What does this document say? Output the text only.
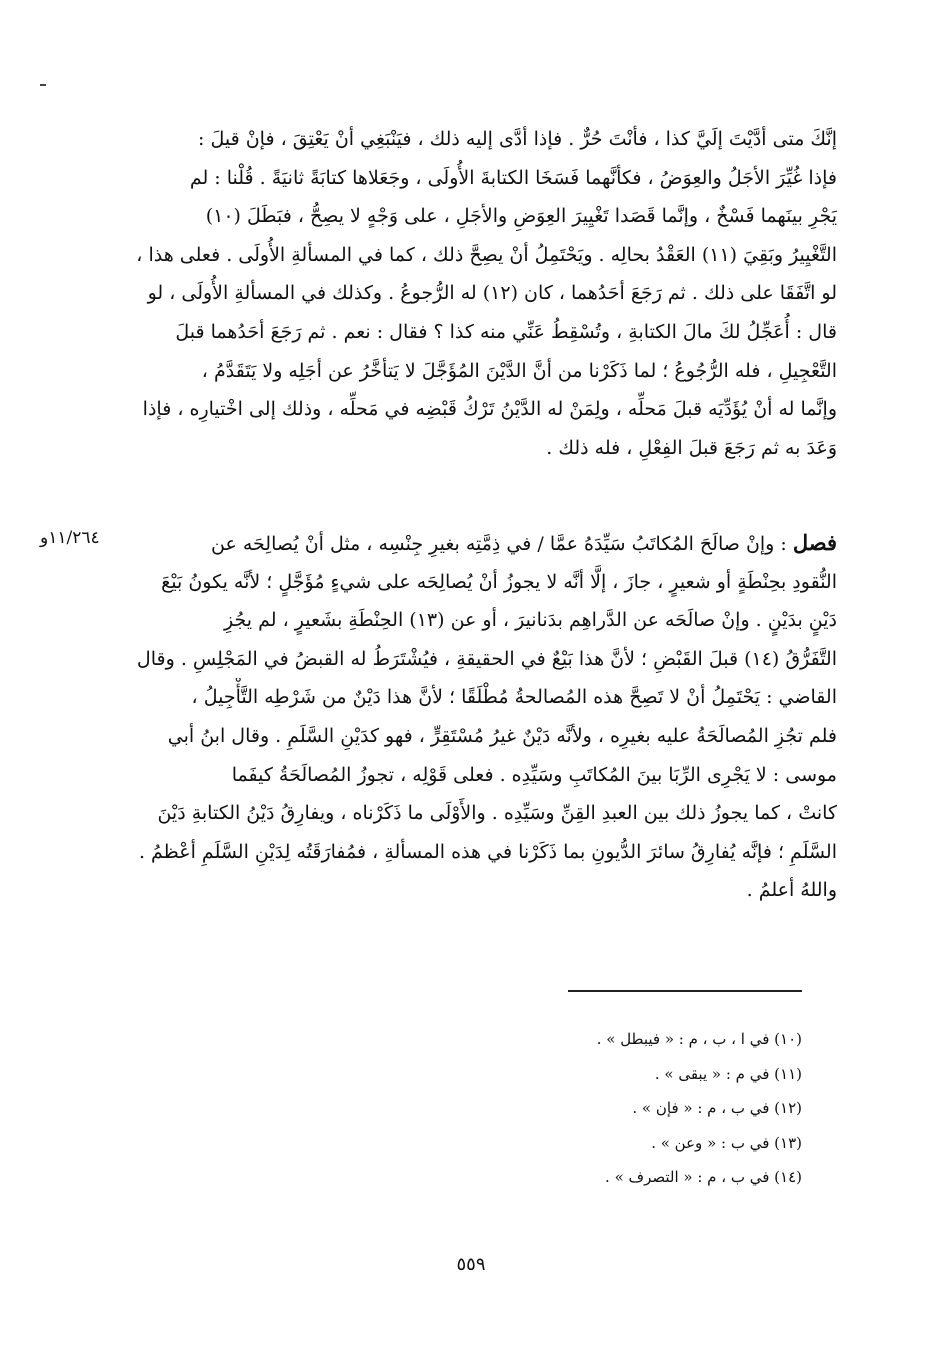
إنَّكَ متى أدَّيْتَ إلَيَّ كذا ، فأنْتَ حُرٌّ . فإذا أدَّى إليه ذلك ، فيَنْبَغِي أنْ يَعْتِقَ ، فإنْ قيلَ :
فإذا غُيِّرَ الأجَلُ والعِوَضُ ، فكأنَّهما فَسَخَا الكتابةَ الأُولَى ، وجَعَلاها كتابَةً ثانيَةً . قُلْنا : لم
يَجْرِ بينَهما فَسْخٌ ، وإنَّما قَصَدا تَغْيِيرَ العِوَضِ والأجَلِ ، على وَجْهٍ لا يصِحُّ ، فبَطَلَ (١٠)
التَّغْيِيرُ وبَقِيَ (١١) العَقْدُ بحالِه . ويَحْتَمِلُ أنْ يصِحَّ ذلك ، كما في المسألةِ الأُولَى . فعلى هذا ،
لو اتَّفَقَا على ذلك . ثم رَجَعَ أحَدُهما ، كان (١٢) له الرُّجوعُ . وكذلك في المسألةِ الأُولَى ، لو
قال : أُعَجِّلُ لكَ مالَ الكتابةِ ، وتُسْقِطُ عَنِّي منه كذا ؟ فقال : نعم . ثم رَجَعَ أحَدُهما قبلَ
التَّعْجِيلِ ، فله الرُّجُوعُ ؛ لما ذَكَرْنا من أنَّ الدَّيْنَ المُؤَجَّلَ لا يَتأخَّرُ عن أجَلِه ولا يَتَقَدَّمُ ،
وإنَّما له أنْ يُؤَدِّيَه قبلَ مَحلِّه ، ولِمَنْ له الدَّيْنُ تَرْكُ قَبْضِه في مَحلِّه ، وذلك إلى اخْتيارِه ، فإذا
وَعَدَ به ثم رَجَعَ قبلَ الفِعْلِ ، فله ذلك .
١١/٢٦٤و	فصل : وإنْ صالَحَ المُكاتَبُ سَيِّدَهُ عمَّا / في ذِمَّتِه بغيرِ جِنْسِه ، مثل أنْ يُصالِحَه عن
النُّقودِ بحِنْطَةٍ أو شعيرٍ ، جازَ ، إلَّا أنَّه لا يجوزُ أنْ يُصالِحَه على شيءٍ مُؤَجَّلٍ ؛ لأنَّه يكونُ بَيْعَ
دَيْنٍ بدَيْنٍ . وإنْ صالَحَه عن الدَّراهِم بدَنانيرَ ، أو عن (١٣) الحِنْطَةِ بشَعيرٍ ، لم يجُزِ
التَّفَرُّقُ (١٤) قبلَ القَبْضِ ؛ لأنَّ هذا بَيْعٌ في الحقيقةِ ، فيُشْتَرَطُ له القبضُ في المَجْلِسِ . وقال
القاضي : يَحْتَمِلُ أنْ لا تَصِحَّ هذه المُصالحةُ مُطْلَقًا ؛ لأنَّ هذا دَيْنٌ من شَرْطِه التَّأْجِيلُ ،
فلم تجُزِ المُصالَحَةُ عليه بغيرِه ، ولأنَّه دَيْنٌ غيرُ مُسْتَقِرٍّ ، فهو كدَيْنِ السَّلَمِ . وقال ابنُ أبي
موسى : لا يَجْرِى الرِّبَا بينَ المُكاتَبِ وسَيِّدِه . فعلى قَوْلِه ، تجوزُ المُصالَحَةُ كيفَما
كانتْ ، كما يجوزُ ذلك بين العبدِ القِنِّ وسَيِّدِه . والأَوْلَى ما ذَكَرْناه ، ويفارِقُ دَيْنُ الكتابةِ دَيْنَ
السَّلَمِ ؛ فإنَّه يُفارِقُ سائرَ الدُّيونِ بما ذَكَرْنا في هذه المسألةِ ، فمُفارَقَتُه لِدَيْنِ السَّلَمِ أعْظمُ .
واللهُ أعلمُ .
(١٠) في ا ، ب ، م : « فيبطل » .
(١١) في م : « يبقى » .
(١٢) في ب ، م : « فإن » .
(١٣) في ب : « وعن » .
(١٤) في ب ، م : « التصرف » .
٥٥٩
